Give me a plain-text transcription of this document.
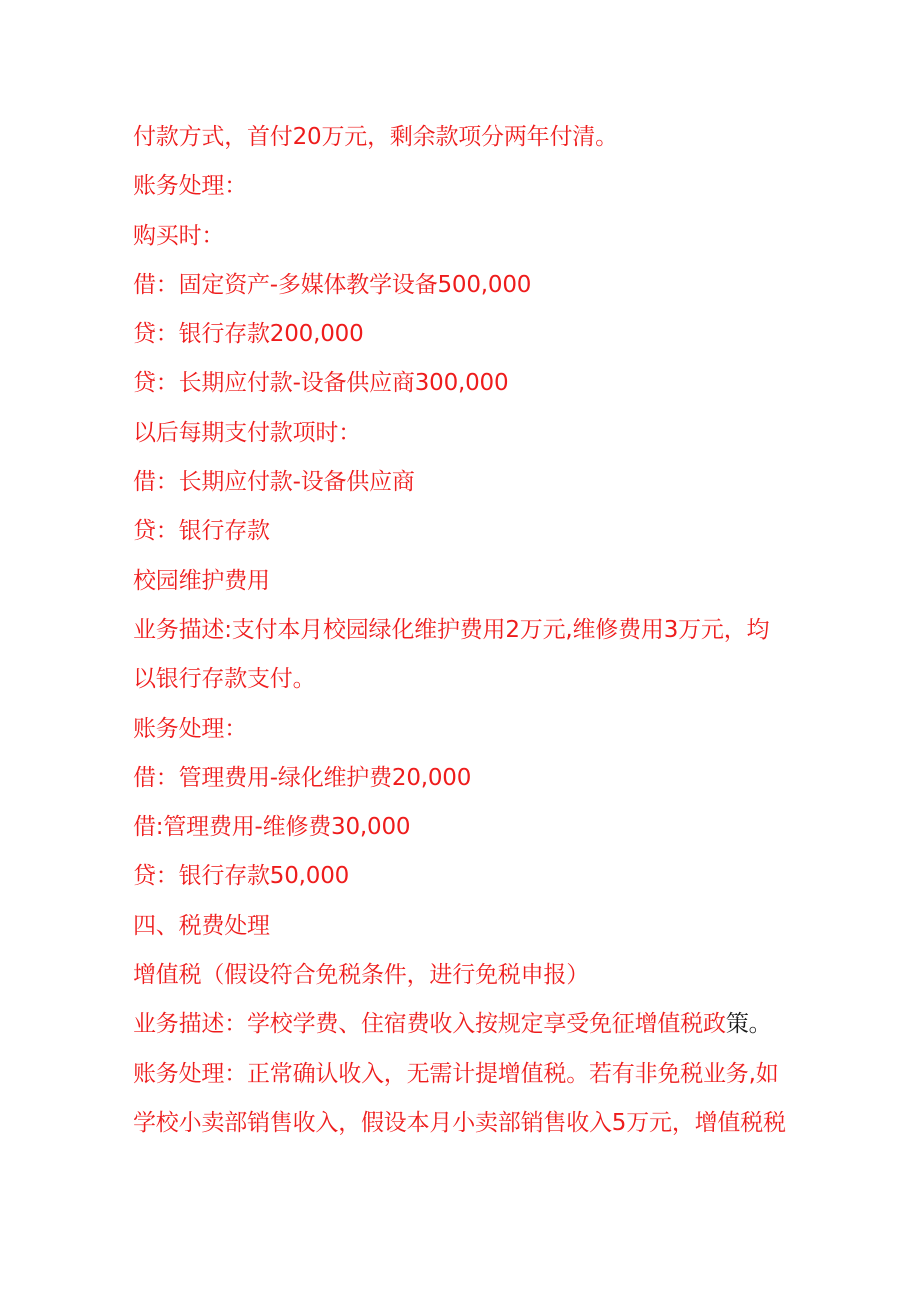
付款方式，首付20万元，剩余款项分两年付清。
账务处理：
购买时：
借：固定资产-多媒体教学设备500,000
贷：银行存款200,000
贷：长期应付款-设备供应商300,000
以后每期支付款项时：
借：长期应付款-设备供应商
贷：银行存款
校园维护费用
业务描述:支付本月校园绿化维护费用2万元,维修费用3万元，均
以银行存款支付。
账务处理：
借：管理费用-绿化维护费20,000
借:管理费用-维修费30,000
贷：银行存款50,000
四、税费处理
增值税（假设符合免税条件，进行免税申报）
业务描述：学校学费、住宿费收入按规定享受免征增值税政策。
账务处理：正常确认收入，无需计提增值税。若有非免税业务,如
学校小卖部销售收入，假设本月小卖部销售收入5万元，增值税税
